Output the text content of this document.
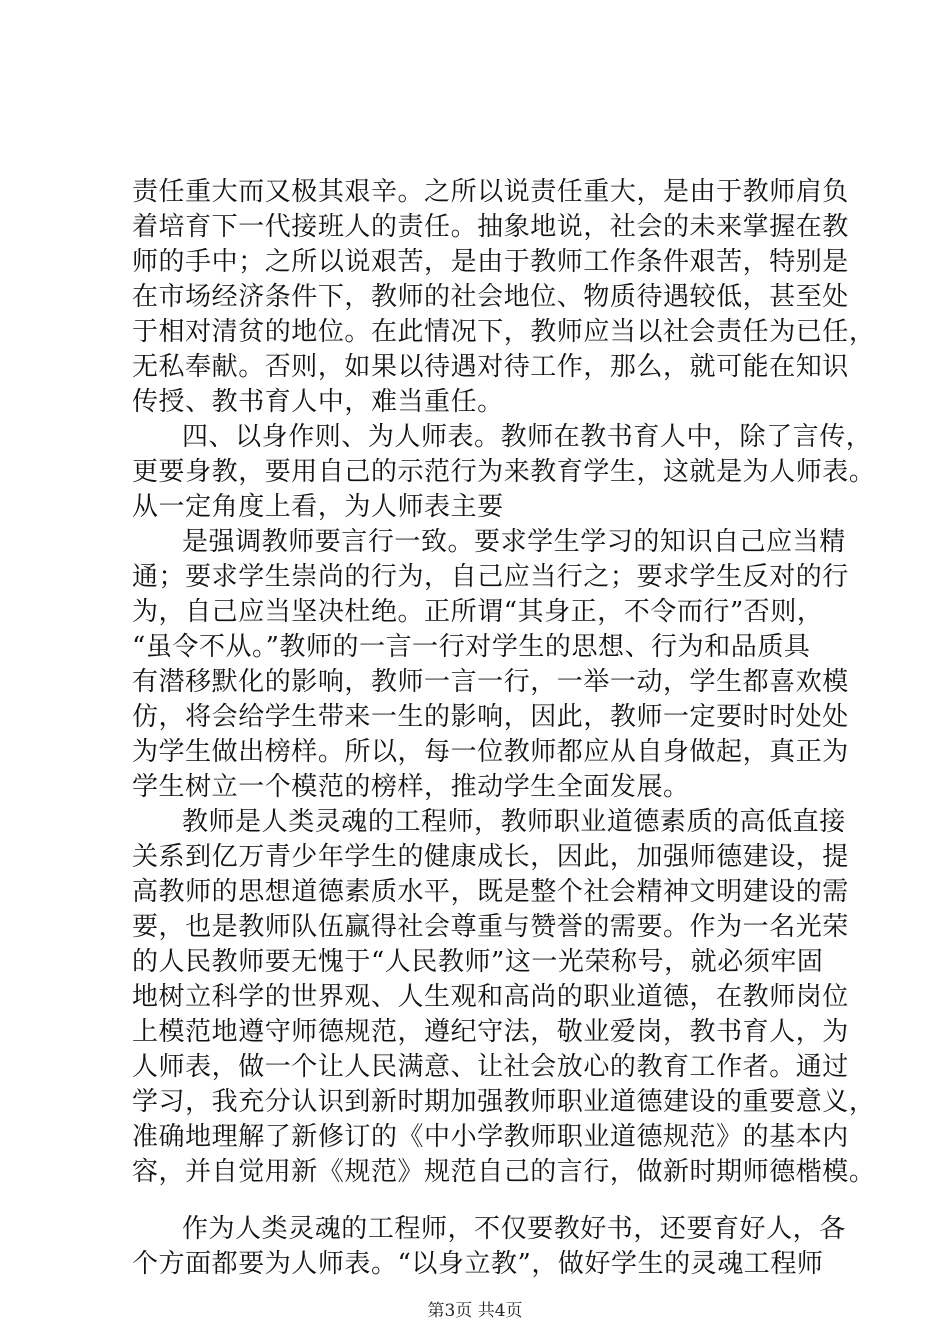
责任重大而又极其艰辛。之所以说责任重大，是由于教师肩负
着培育下一代接班人的责任。抽象地说，社会的未来掌握在教
师的手中；之所以说艰苦，是由于教师工作条件艰苦，特别是
在市场经济条件下，教师的社会地位、物质待遇较低，甚至处
于相对清贫的地位。在此情况下，教师应当以社会责任为已任，
无私奉献。否则，如果以待遇对待工作，那么，就可能在知识
传授、教书育人中，难当重任。
四、以身作则、为人师表。教师在教书育人中，除了言传，
更要身教，要用自己的示范行为来教育学生，这就是为人师表。
从一定角度上看，为人师表主要
是强调教师要言行一致。要求学生学习的知识自己应当精
通；要求学生崇尚的行为，自己应当行之；要求学生反对的行
为，自己应当坚决杜绝。正所谓“其身正，不令而行”否则，
“虽令不从。”教师的一言一行对学生的思想、行为和品质具
有潜移默化的影响，教师一言一行，一举一动，学生都喜欢模
仿，将会给学生带来一生的影响，因此，教师一定要时时处处
为学生做出榜样。所以，每一位教师都应从自身做起，真正为
学生树立一个模范的榜样，推动学生全面发展。
教师是人类灵魂的工程师，教师职业道德素质的高低直接
关系到亿万青少年学生的健康成长，因此，加强师德建设，提
高教师的思想道德素质水平，既是整个社会精神文明建设的需
要，也是教师队伍赢得社会尊重与赞誉的需要。作为一名光荣
的人民教师要无愧于“人民教师”这一光荣称号，就必须牢固
地树立科学的世界观、人生观和高尚的职业道德，在教师岗位
上模范地遵守师德规范，遵纪守法，敬业爱岗，教书育人，为
人师表，做一个让人民满意、让社会放心的教育工作者。通过
学习，我充分认识到新时期加强教师职业道德建设的重要意义，
准确地理解了新修订的《中小学教师职业道德规范》的基本内
容，并自觉用新《规范》规范自己的言行，做新时期师德楷模。
作为人类灵魂的工程师，不仅要教好书，还要育好人，各
个方面都要为人师表。“以身立教”，做好学生的灵魂工程师
第3页 共4页
